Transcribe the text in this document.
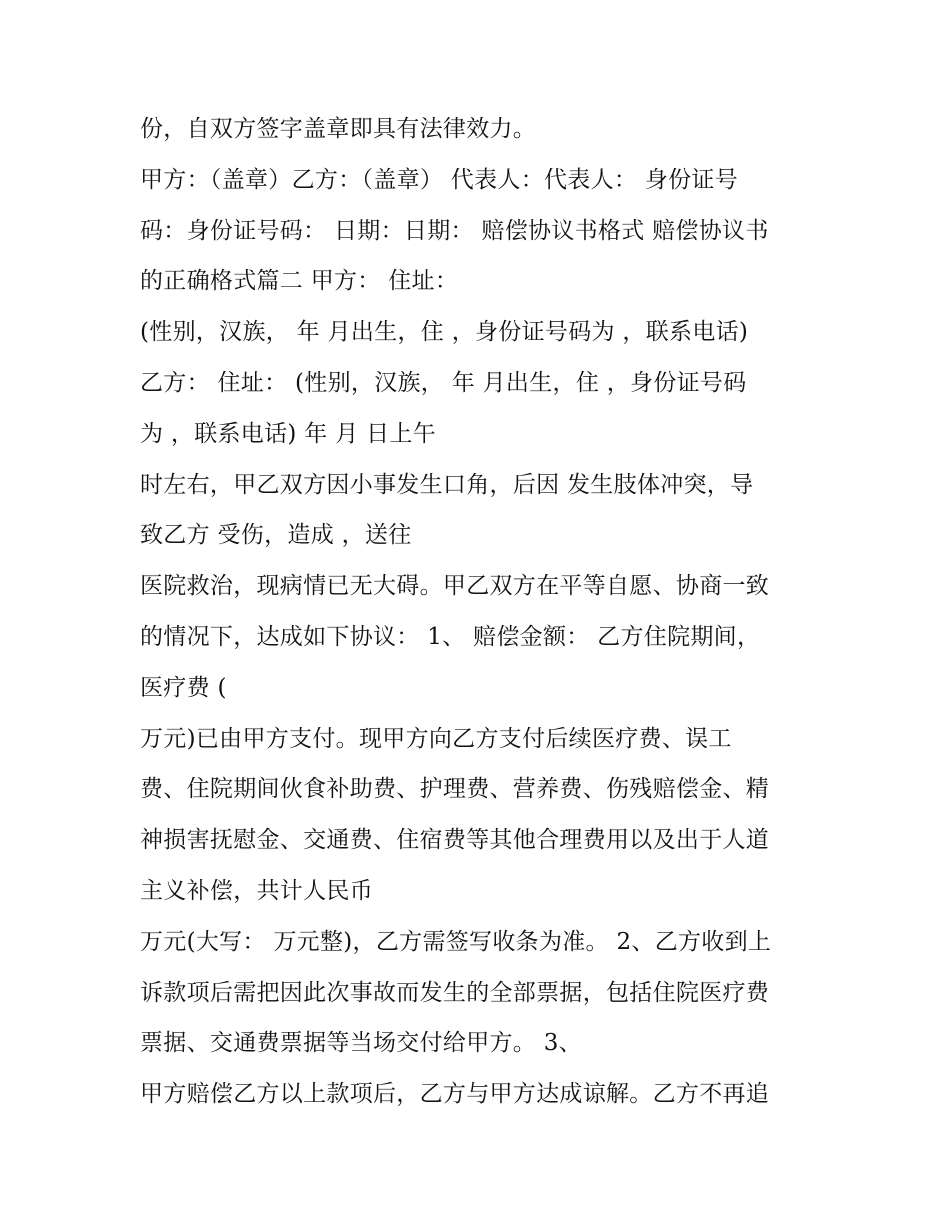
份，自双方签字盖章即具有法律效力。
甲方：（盖章）乙方：（盖章） 代表人：代表人： 身份证号
码：身份证号码： 日期：日期： 赔偿协议书格式 赔偿协议书
的正确格式篇二 甲方： 住址：
(性别，汉族， 年 月出生，住 ，身份证号码为 ，联系电话)
乙方： 住址： (性别，汉族， 年 月出生，住 ，身份证号码
为 ，联系电话) 年 月 日上午
时左右，甲乙双方因小事发生口角，后因 发生肢体冲突，导
致乙方 受伤，造成 ，送往
医院救治，现病情已无大碍。甲乙双方在平等自愿、协商一致
的情况下，达成如下协议： 1、 赔偿金额： 乙方住院期间，
医疗费 (
万元)已由甲方支付。现甲方向乙方支付后续医疗费、误工
费、住院期间伙食补助费、护理费、营养费、伤残赔偿金、精
神损害抚慰金、交通费、住宿费等其他合理费用以及出于人道
主义补偿，共计人民币
万元(大写： 万元整)，乙方需签写收条为准。 2、乙方收到上
诉款项后需把因此次事故而发生的全部票据，包括住院医疗费
票据、交通费票据等当场交付给甲方。 3、
甲方赔偿乙方以上款项后，乙方与甲方达成谅解。乙方不再追
